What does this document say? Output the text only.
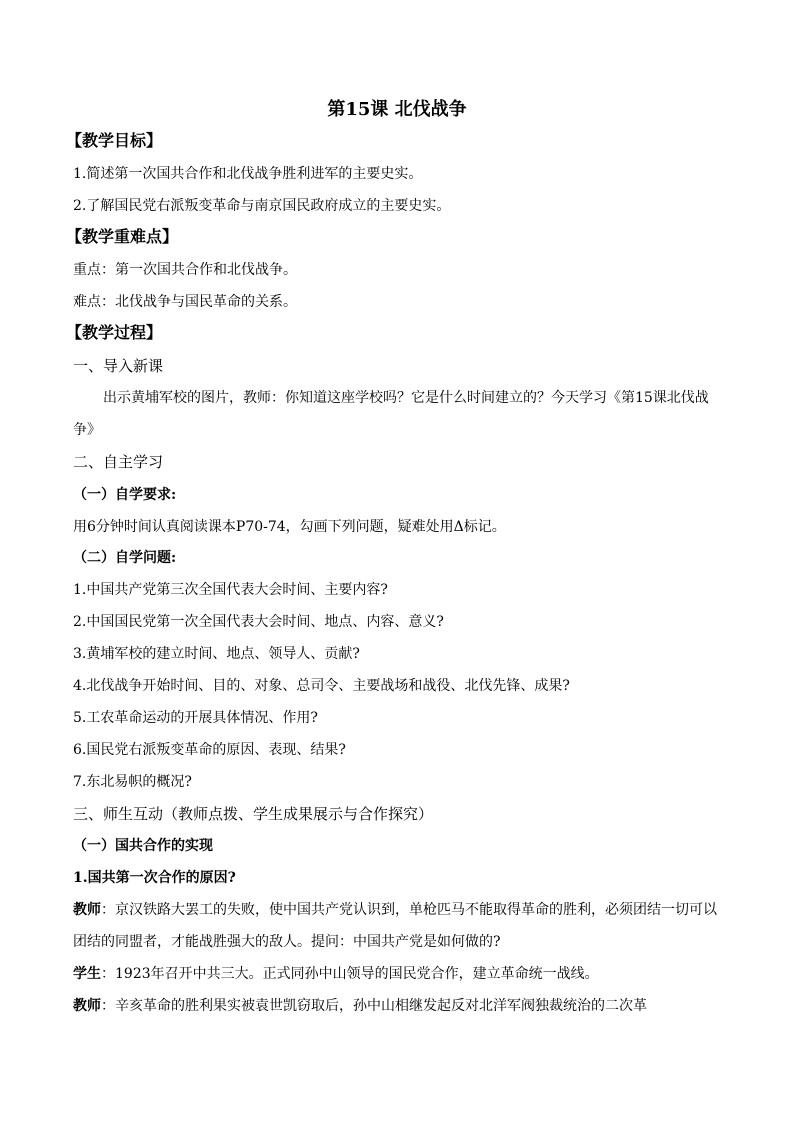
第15课 北伐战争
【教学目标】
1.简述第一次国共合作和北伐战争胜利进军的主要史实。
2.了解国民党右派叛变革命与南京国民政府成立的主要史实。
【教学重难点】
重点：第一次国共合作和北伐战争。
难点：北伐战争与国民革命的关系。
【教学过程】
一、导入新课
出示黄埔军校的图片，教师：你知道这座学校吗？它是什么时间建立的？今天学习《第15课北伐战争》
二、自主学习
（一）自学要求:
用6分钟时间认真阅读课本P70-74，勾画下列问题，疑难处用Δ标记。
（二）自学问题:
1.中国共产党第三次全国代表大会时间、主要内容?
2.中国国民党第一次全国代表大会时间、地点、内容、意义?
3.黄埔军校的建立时间、地点、领导人、贡献?
4.北伐战争开始时间、目的、对象、总司令、主要战场和战役、北伐先锋、成果?
5.工农革命运动的开展具体情况、作用?
6.国民党右派叛变革命的原因、表现、结果?
7.东北易帜的概况?
三、师生互动（教师点拨、学生成果展示与合作探究）
（一）国共合作的实现
1.国共第一次合作的原因?
教师：京汉铁路大罢工的失败，使中国共产党认识到，单枪匹马不能取得革命的胜利，必须团结一切可以团结的同盟者，才能战胜强大的敌人。提问：中国共产党是如何做的?
学生：1923年召开中共三大。正式同孙中山领导的国民党合作，建立革命统一战线。
教师：辛亥革命的胜利果实被袁世凯窃取后，孙中山相继发起反对北洋军阀独裁统治的二次革
